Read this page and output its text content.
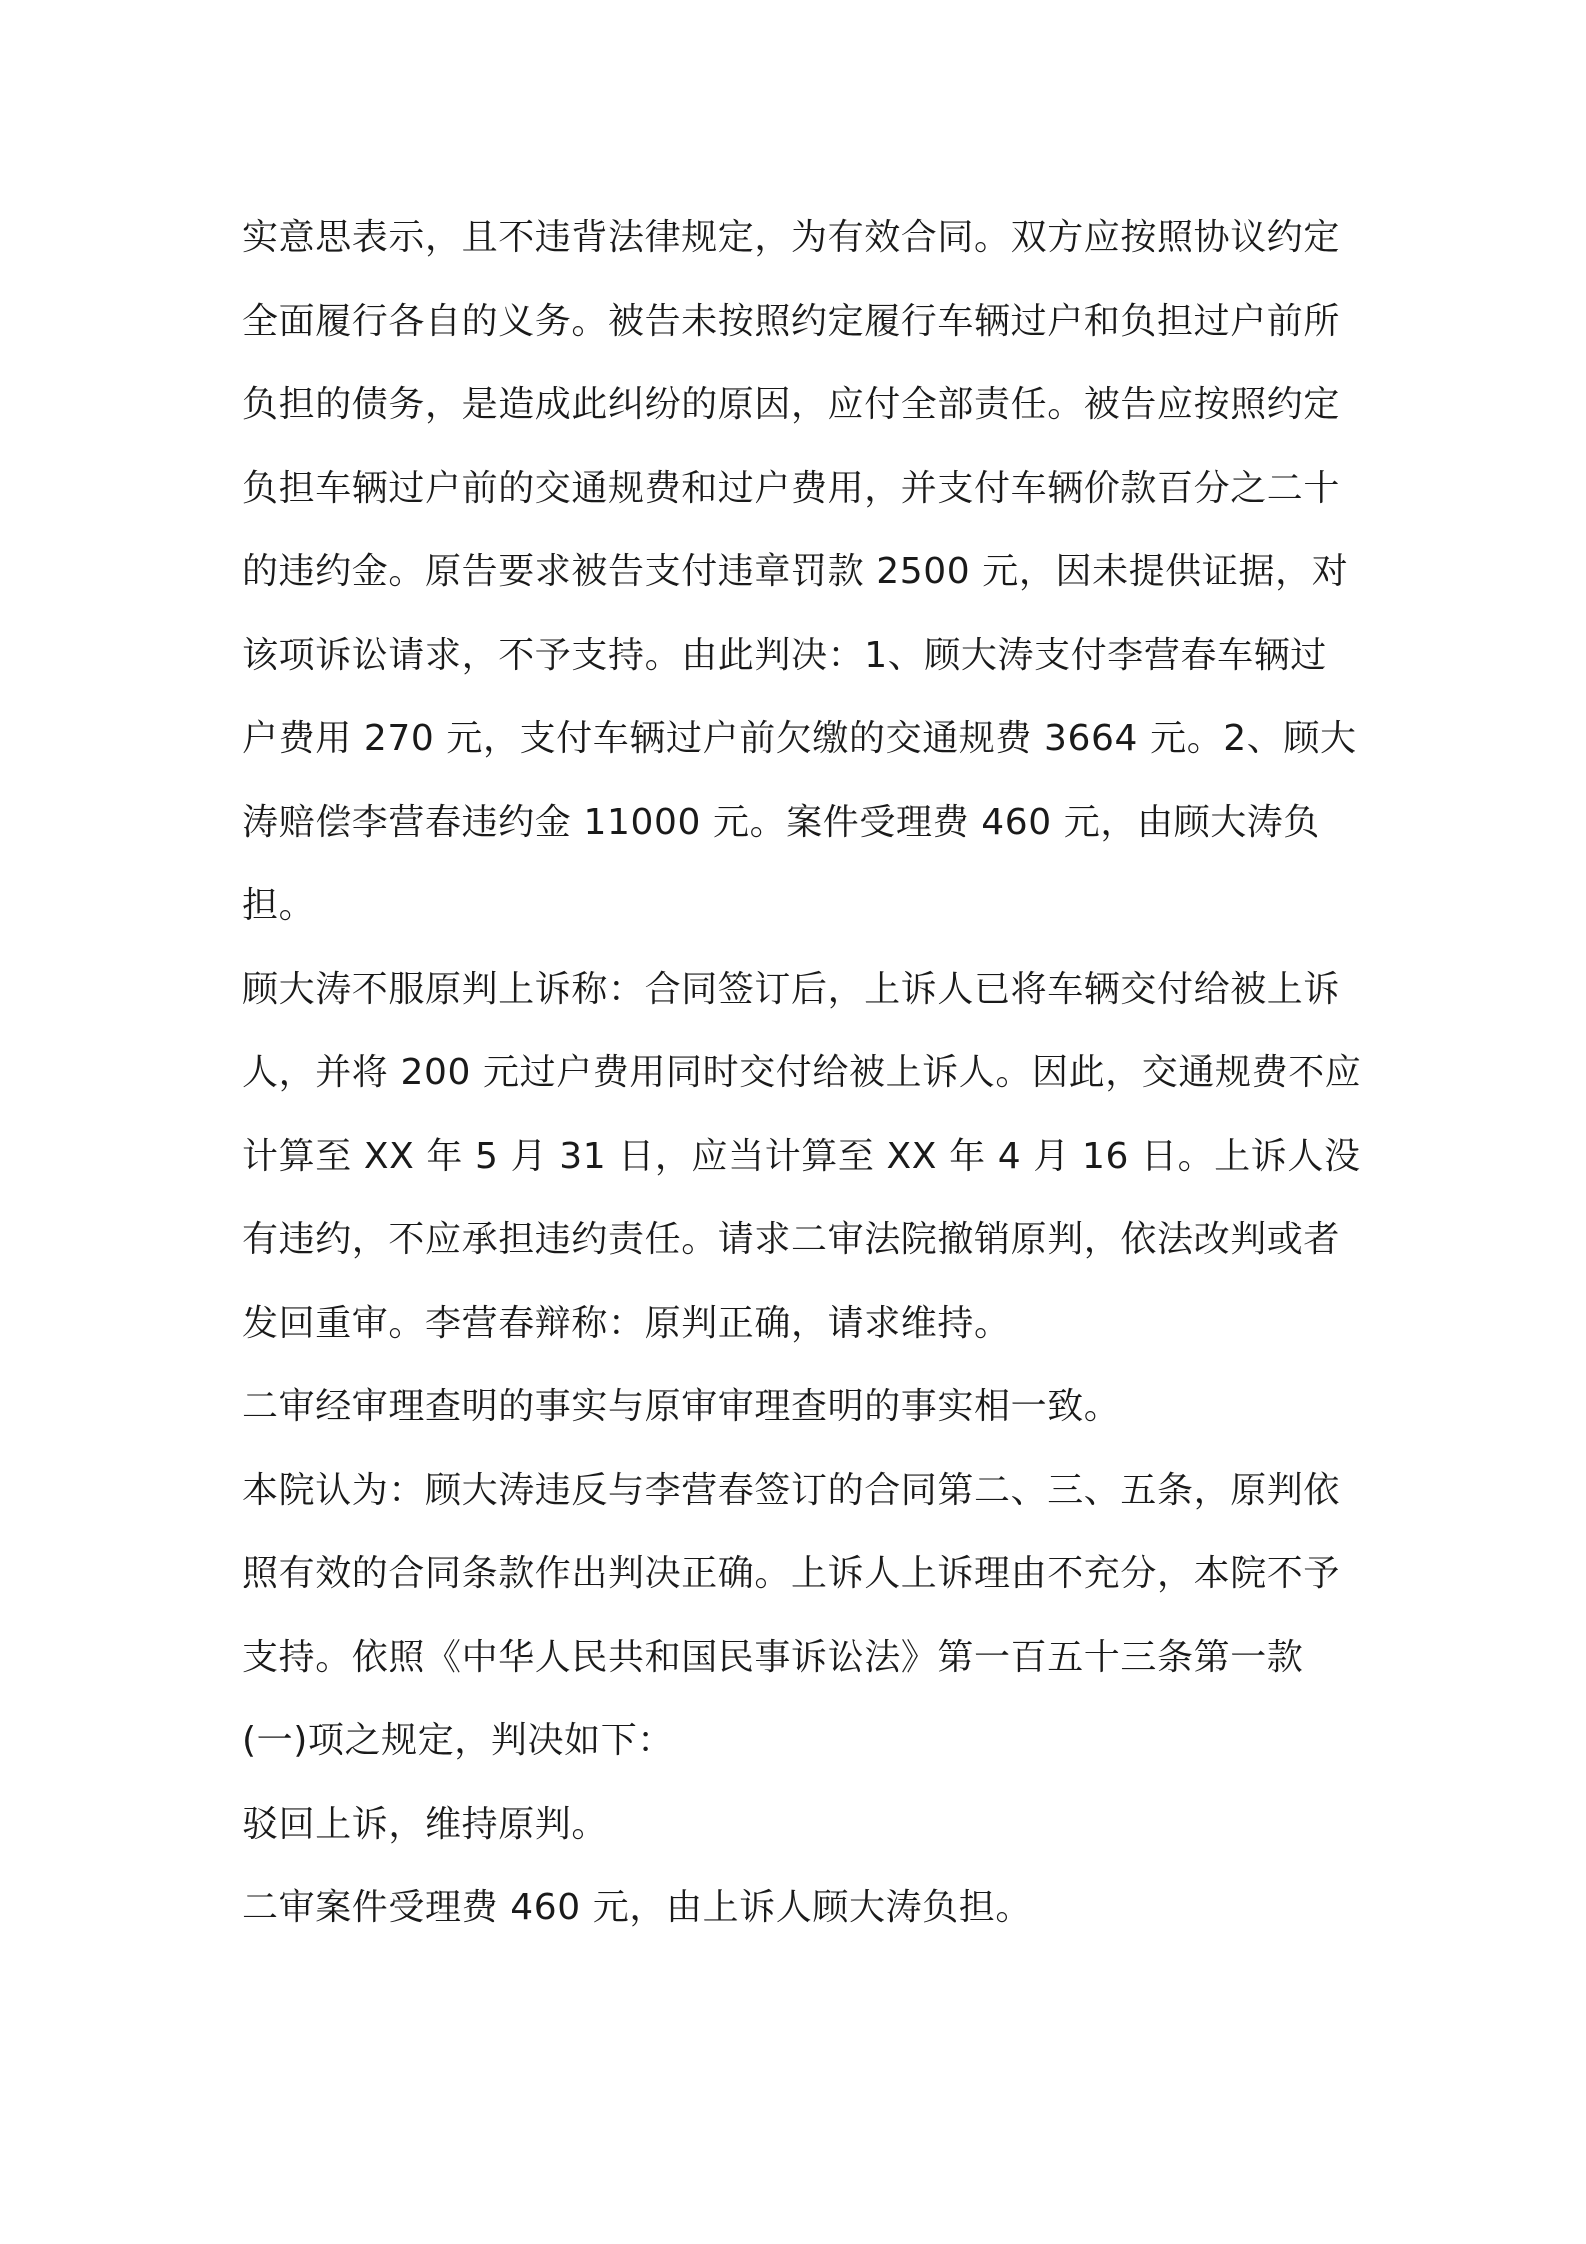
实意思表示，且不违背法律规定，为有效合同。双方应按照协议约定全面履行各自的义务。被告未按照约定履行车辆过户和负担过户前所负担的债务，是造成此纠纷的原因，应付全部责任。被告应按照约定负担车辆过户前的交通规费和过户费用，并支付车辆价款百分之二十的违约金。原告要求被告支付违章罚款 2500 元，因未提供证据，对该项诉讼请求，不予支持。由此判决：1、顾大涛支付李营春车辆过户费用 270 元，支付车辆过户前欠缴的交通规费 3664 元。2、顾大涛赔偿李营春违约金 11000 元。案件受理费 460 元，由顾大涛负担。

顾大涛不服原判上诉称：合同签订后，上诉人已将车辆交付给被上诉人，并将 200 元过户费用同时交付给被上诉人。因此，交通规费不应计算至 XX 年 5 月 31 日，应当计算至 XX 年 4 月 16 日。上诉人没有违约，不应承担违约责任。请求二审法院撤销原判，依法改判或者发回重审。李营春辩称：原判正确，请求维持。

二审经审理查明的事实与原审审理查明的事实相一致。

本院认为：顾大涛违反与李营春签订的合同第二、三、五条，原判依照有效的合同条款作出判决正确。上诉人上诉理由不充分，本院不予支持。依照《中华人民共和国民事诉讼法》第一百五十三条第一款(一)项之规定，判决如下：

驳回上诉，维持原判。

二审案件受理费 460 元，由上诉人顾大涛负担。
